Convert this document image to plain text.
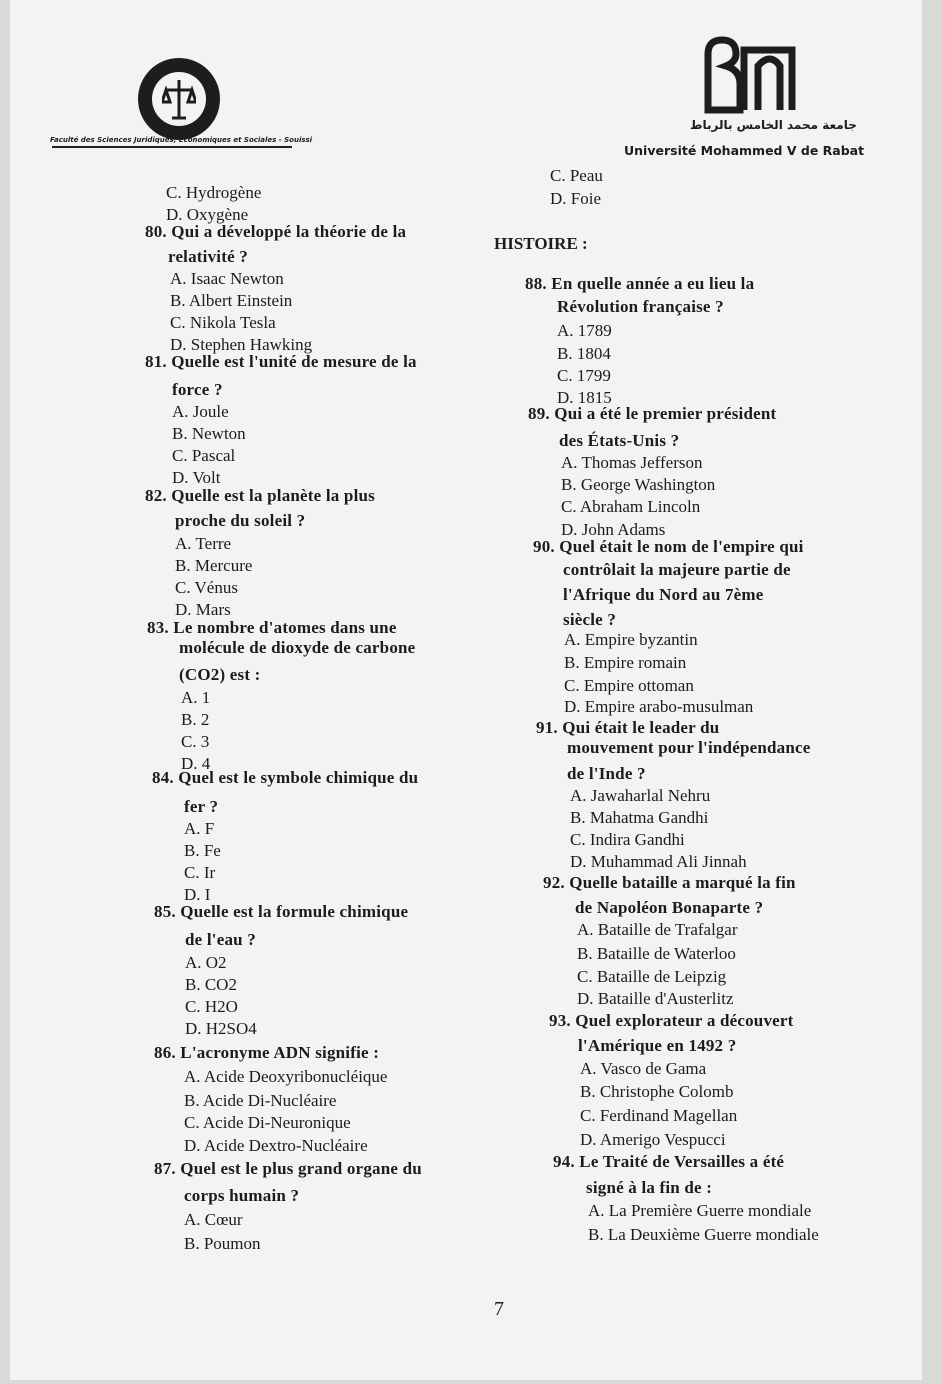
Faculté des Sciences Juridiques, Economiques et Sociales - Souissi
جامعة محمد الخامس بالرباط
Université Mohammed V de Rabat
C. Hydrogène
D. Oxygène
80. Qui a développé la théorie de la
relativité ?
A. Isaac Newton
B. Albert Einstein
C. Nikola Tesla
D. Stephen Hawking
81. Quelle est l'unité de mesure de la
force ?
A. Joule
B. Newton
C. Pascal
D. Volt
82. Quelle est la planète la plus
proche du soleil ?
A. Terre
B. Mercure
C. Vénus
D. Mars
83. Le nombre d'atomes dans une
molécule de dioxyde de carbone
(CO2) est :
A. 1
B. 2
C. 3
D. 4
84. Quel est le symbole chimique du
fer ?
A. F
B. Fe
C. Ir
D. I
85. Quelle est la formule chimique
de l'eau ?
A. O2
B. CO2
C. H2O
D. H2SO4
86. L'acronyme ADN signifie :
A. Acide Deoxyribonucléique
B. Acide Di-Nucléaire
C. Acide Di-Neuronique
D. Acide Dextro-Nucléaire
87. Quel est le plus grand organe du
corps humain ?
A. Cœur
B. Poumon
C. Peau
D. Foie
HISTOIRE :
88. En quelle année a eu lieu la
Révolution française ?
A. 1789
B. 1804
C. 1799
D. 1815
89. Qui a été le premier président
des États-Unis ?
A. Thomas Jefferson
B. George Washington
C. Abraham Lincoln
D. John Adams
90. Quel était le nom de l'empire qui
contrôlait la majeure partie de
l'Afrique du Nord au 7ème
siècle ?
A. Empire byzantin
B. Empire romain
C. Empire ottoman
D. Empire arabo-musulman
91. Qui était le leader du
mouvement pour l'indépendance
de l'Inde ?
A. Jawaharlal Nehru
B. Mahatma Gandhi
C. Indira Gandhi
D. Muhammad Ali Jinnah
92. Quelle bataille a marqué la fin
de Napoléon Bonaparte ?
A. Bataille de Trafalgar
B. Bataille de Waterloo
C. Bataille de Leipzig
D. Bataille d'Austerlitz
93. Quel explorateur a découvert
l'Amérique en 1492 ?
A. Vasco de Gama
B. Christophe Colomb
C. Ferdinand Magellan
D. Amerigo Vespucci
94. Le Traité de Versailles a été
signé à la fin de :
A. La Première Guerre mondiale
B. La Deuxième Guerre mondiale
7
